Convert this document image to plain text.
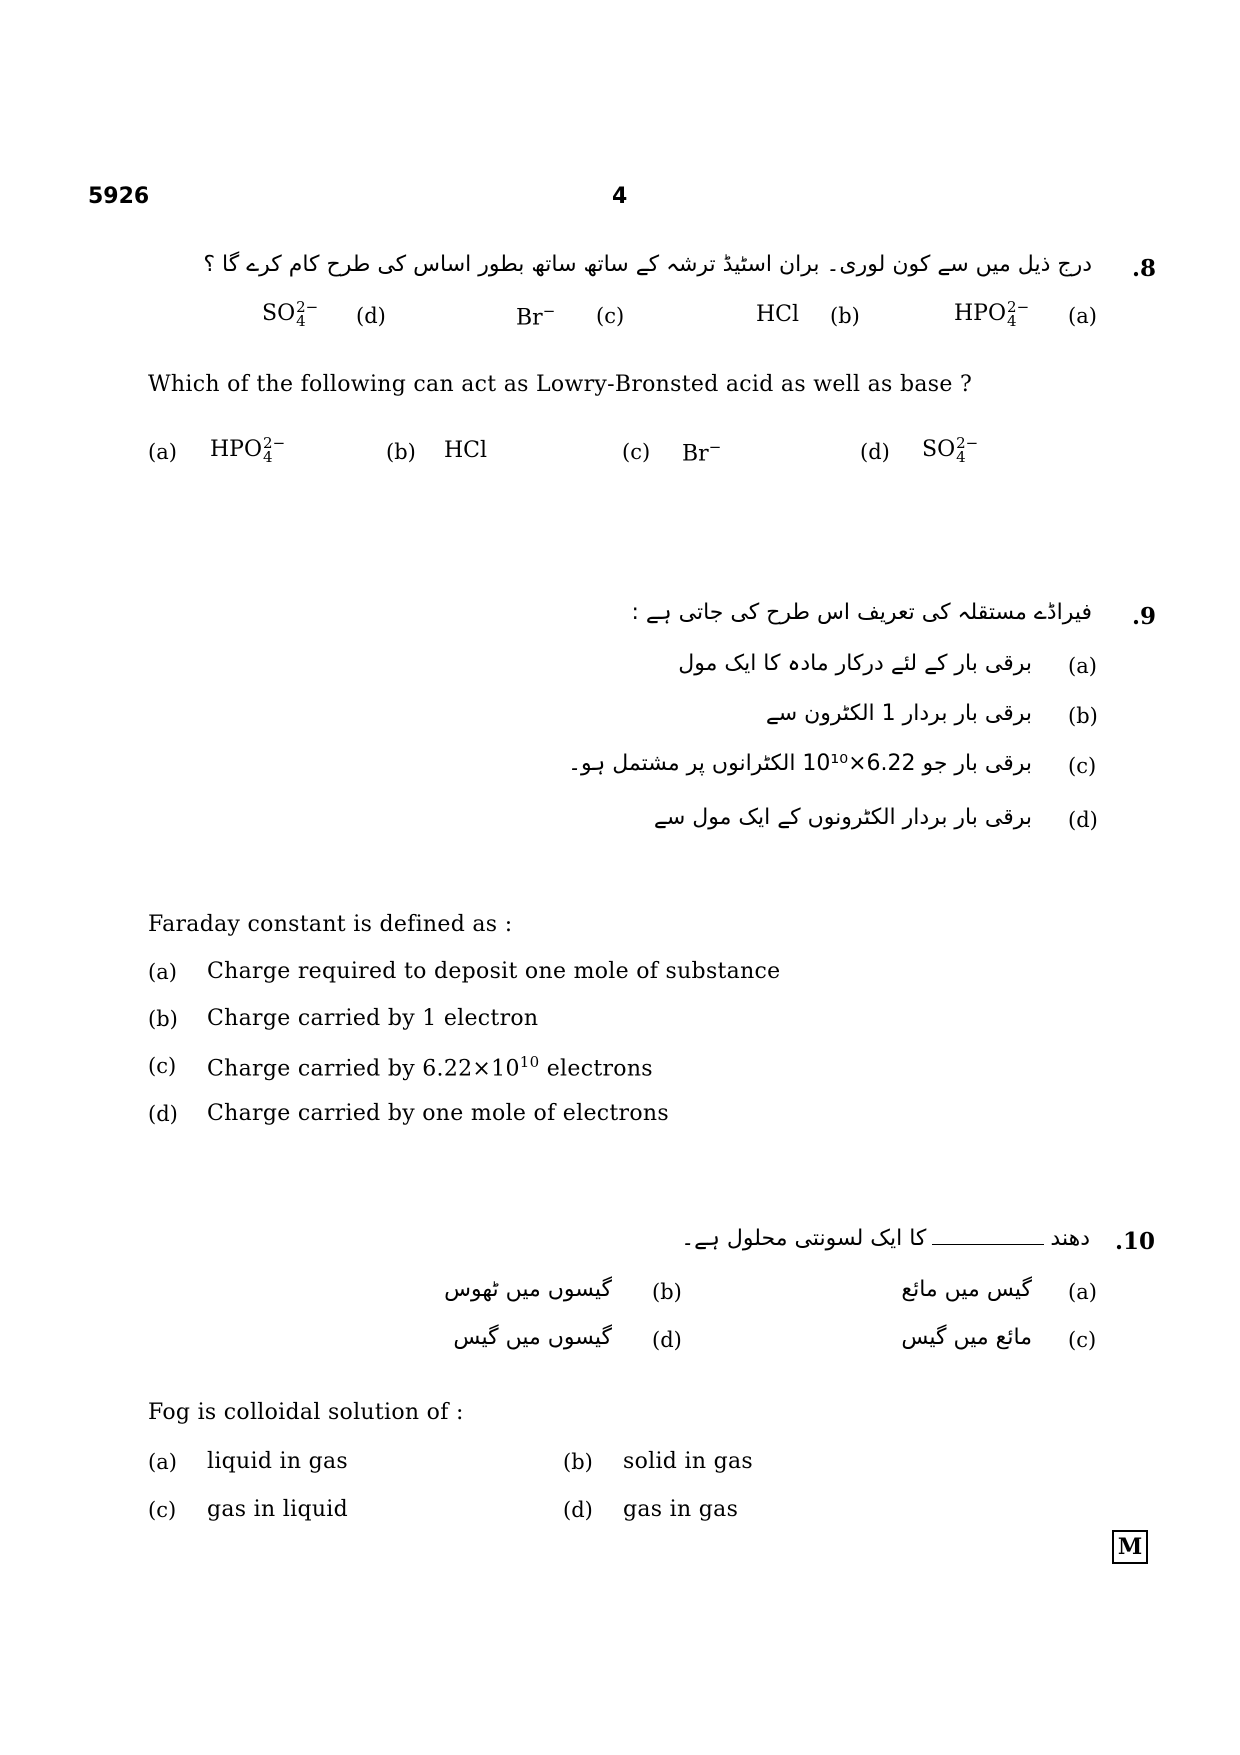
5926	4
.8
درج ذیل میں سے کون لوری۔ بران اسٹیڈ ترشہ کے ساتھ ساتھ بطور اساس کی طرح کام کرے گا ؟
(a)
HPO 2−
4
(b)
HCl
(c)
Br−
(d)
SO 2−
4
Which of the following can act as Lowry-Bronsted acid as well as base ?
(a) HPO 2−
4	(b) HCl	(c) Br−	(d) SO 2−
4
.9
فیراڈے مستقلہ کی تعریف اس طرح کی جاتی ہے :
(a)
برقی بار کے لئے درکار مادہ کا ایک مول
(b)
برقی بار بردار 1 الکٹرون سے
(c)
برقی بار جو 6.22×10¹⁰ الکٹرانوں پر مشتمل ہو۔
(d)
برقی بار بردار الکٹرونوں کے ایک مول سے
Faraday constant is defined as :
(a) Charge required to deposit one mole of substance
(b) Charge carried by 1 electron
(c) Charge carried by $6.22\times 10^{10}$ electrons
(d) Charge carried by one mole of electrons
.10
دھندکا ایک لسونتی محلول ہے۔
(a)
گیس میں مائع
(b)
گیسوں میں ٹھوس
(c)
مائع میں گیس
(d)
گیسوں میں گیس
Fog is colloidal solution of :
(a) liquid in gas	(b) solid in gas
(c) gas in liquid	(d) gas in gas
M
